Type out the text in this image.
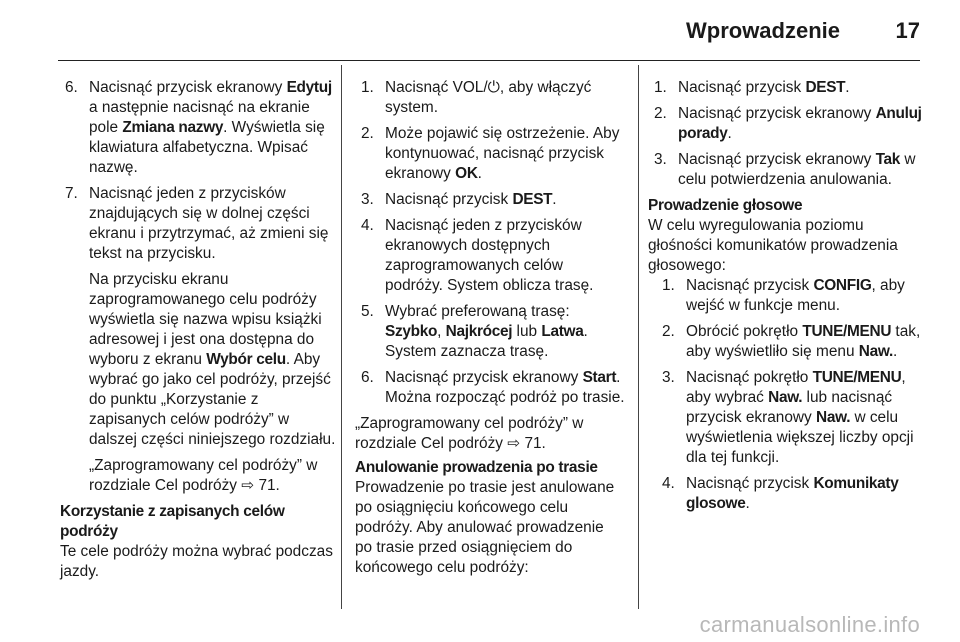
Wprowadzenie	17
6. Nacisnąć przycisk ekranowy Edytuj a następnie nacisnąć na ekranie pole Zmiana nazwy. Wyświetla się klawiatura alfabetyczna. Wpisać nazwę.
7. Nacisnąć jeden z przycisków znajdujących się w dolnej części ekranu i przytrzymać, aż zmieni się tekst na przycisku.
Na przycisku ekranu zaprogramowanego celu podróży wyświetla się nazwa wpisu książki adresowej i jest ona dostępna do wyboru z ekranu Wybór celu. Aby wybrać go jako cel podróży, przejść do punktu „Korzystanie z zapisanych celów podróży” w dalszej części niniejszego rozdziału.
„Zaprogramowany cel podróży” w rozdziale Cel podróży ⇨ 71.
Korzystanie z zapisanych celów podróży
Te cele podróży można wybrać podczas jazdy.
1. Nacisnąć VOL/⏻, aby włączyć system.
2. Może pojawić się ostrzeżenie. Aby kontynuować, nacisnąć przycisk ekranowy OK.
3. Nacisnąć przycisk DEST.
4. Nacisnąć jeden z przycisków ekranowych dostępnych zaprogramowanych celów podróży. System oblicza trasę.
5. Wybrać preferowaną trasę: Szybko, Najkrócej lub Latwa. System zaznacza trasę.
6. Nacisnąć przycisk ekranowy Start. Można rozpocząć podróż po trasie.
„Zaprogramowany cel podróży” w rozdziale Cel podróży ⇨ 71.
Anulowanie prowadzenia po trasie
Prowadzenie po trasie jest anulowane po osiągnięciu końcowego celu podróży. Aby anulować prowadzenie po trasie przed osiągnięciem do końcowego celu podróży:
1. Nacisnąć przycisk DEST.
2. Nacisnąć przycisk ekranowy Anuluj porady.
3. Nacisnąć przycisk ekranowy Tak w celu potwierdzenia anulowania.
Prowadzenie głosowe
W celu wyregulowania poziomu głośności komunikatów prowadzenia głosowego:
1. Nacisnąć przycisk CONFIG, aby wejść w funkcje menu.
2. Obrócić pokrętło TUNE/MENU tak, aby wyświetliło się menu Naw..
3. Nacisnąć pokrętło TUNE/MENU, aby wybrać Naw. lub nacisnąć przycisk ekranowy Naw. w celu wyświetlenia większej liczby opcji dla tej funkcji.
4. Nacisnąć przycisk Komunikaty glosowe.
carmanualsonline.info
